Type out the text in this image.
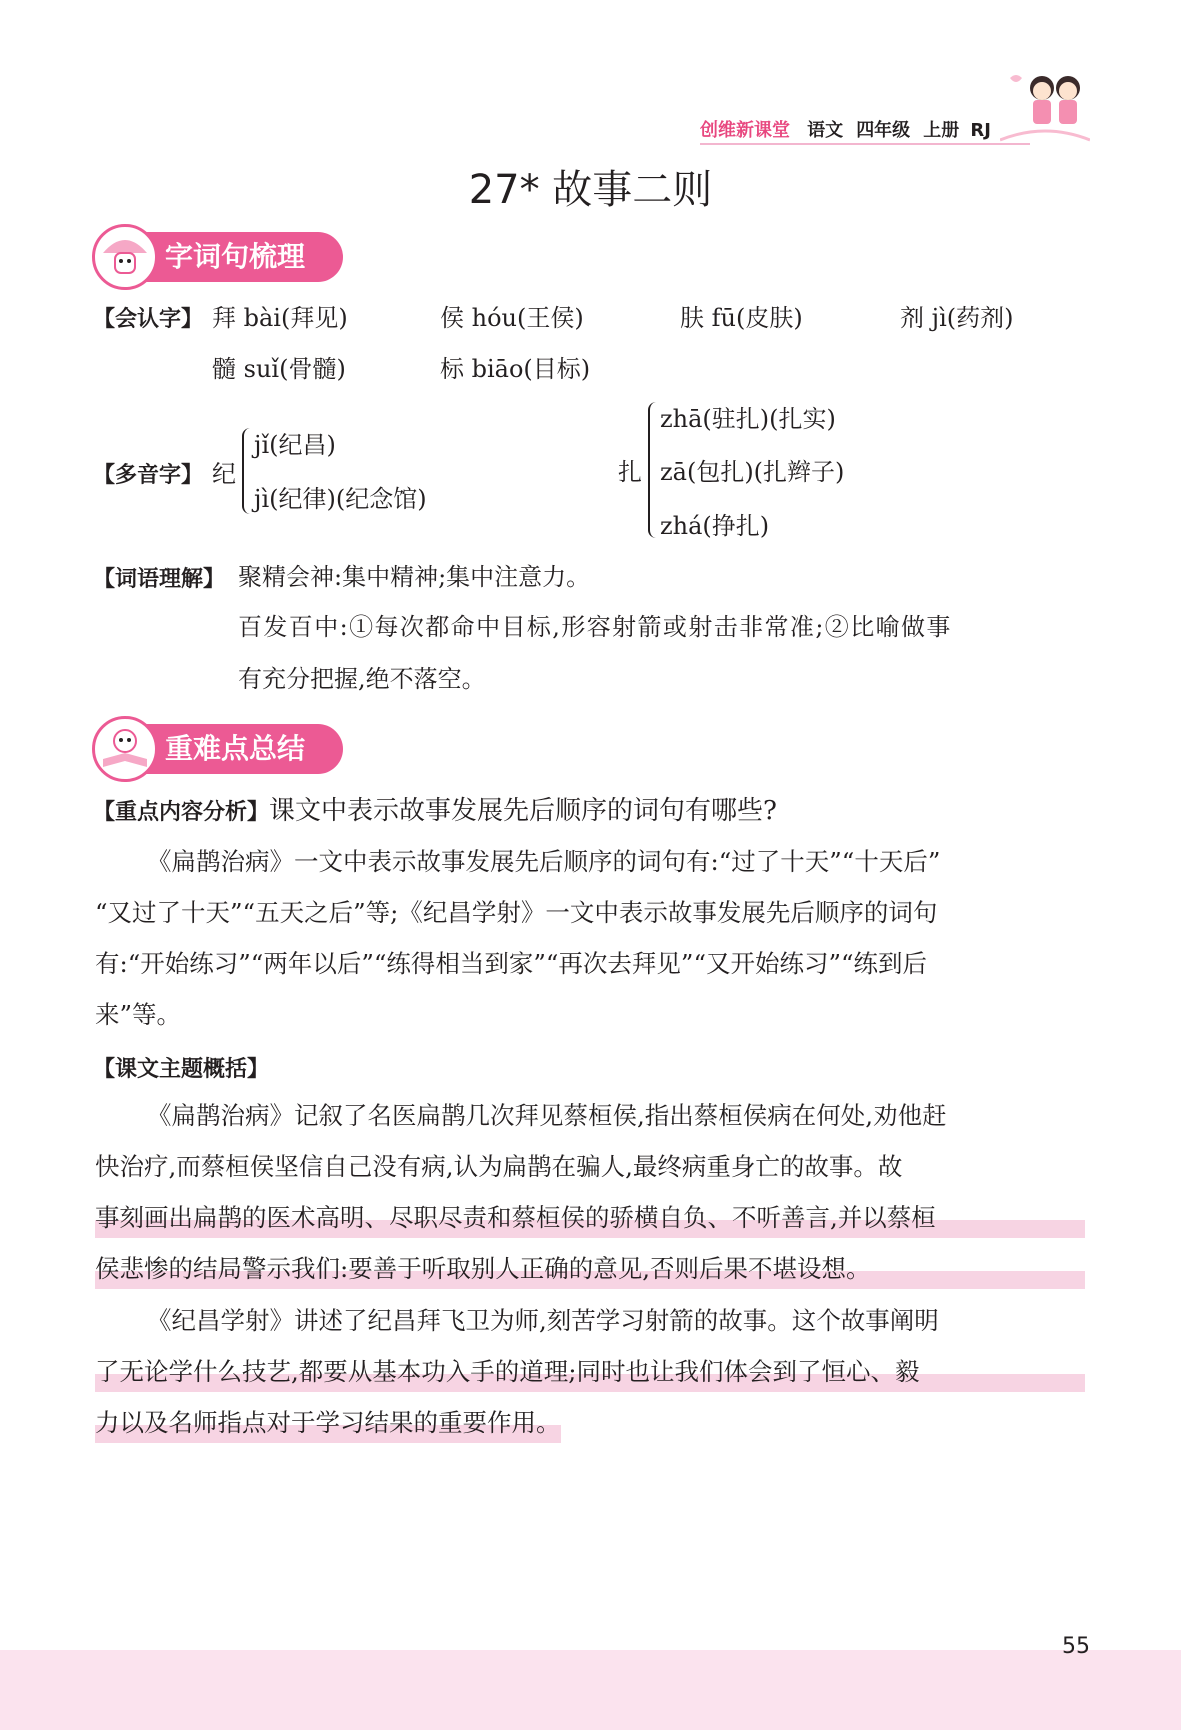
创维新课堂 语文 四年级 上册 RJ
27* 故事二则
字词句梳理
【会认字】 拜 bài(拜见)	侯 hóu(王侯)	肤 fū(皮肤)	剂 jì(药剂)
髓 suǐ(骨髓)	标 biāo(目标)
【多音字】 纪
jǐ(纪昌)
jì(纪律)(纪念馆)
扎
zhā(驻扎)(扎实)
zā(包扎)(扎辫子)
zhá(挣扎)
【词语理解】 聚精会神:集中精神;集中注意力。
百发百中:①每次都命中目标,形容射箭或射击非常准;②比喻做事
有充分把握,绝不落空。
重难点总结
【重点内容分析】课文中表示故事发展先后顺序的词句有哪些?
《扁鹊治病》一文中表示故事发展先后顺序的词句有:“过了十天”“十天后”
“又过了十天”“五天之后”等;《纪昌学射》一文中表示故事发展先后顺序的词句
有:“开始练习”“两年以后”“练得相当到家”“再次去拜见”“又开始练习”“练到后
来”等。
【课文主题概括】
《扁鹊治病》记叙了名医扁鹊几次拜见蔡桓侯,指出蔡桓侯病在何处,劝他赶
快治疗,而蔡桓侯坚信自己没有病,认为扁鹊在骗人,最终病重身亡的故事。故
事刻画出扁鹊的医术高明、尽职尽责和蔡桓侯的骄横自负、不听善言,并以蔡桓
侯悲惨的结局警示我们:要善于听取别人正确的意见,否则后果不堪设想。
《纪昌学射》讲述了纪昌拜飞卫为师,刻苦学习射箭的故事。这个故事阐明
了无论学什么技艺,都要从基本功入手的道理;同时也让我们体会到了恒心、毅
力以及名师指点对于学习结果的重要作用。
55
